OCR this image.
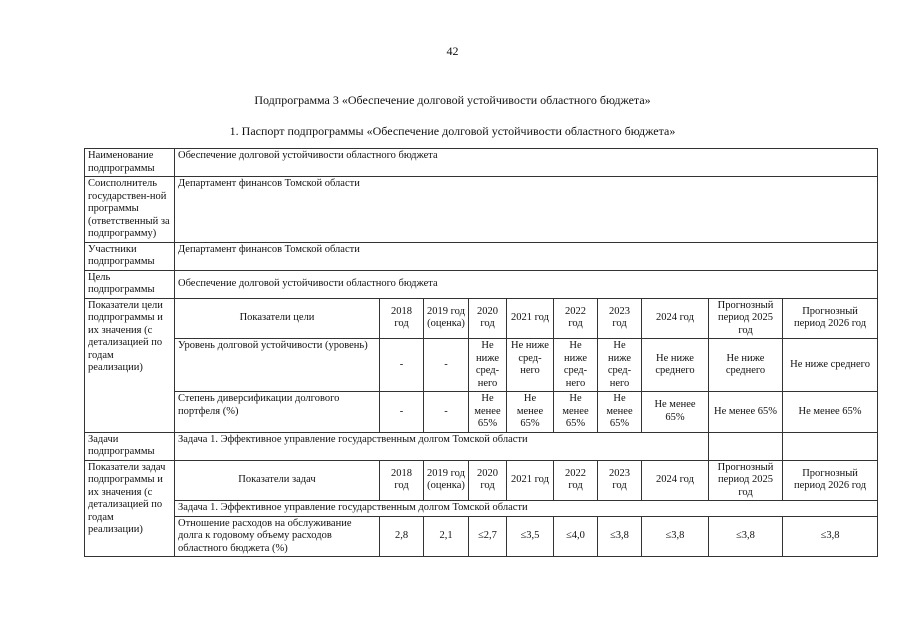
42
Подпрограмма 3 «Обеспечение долговой устойчивости областного бюджета»
1. Паспорт подпрограммы «Обеспечение долговой устойчивости областного бюджета»
Наименование подпрограммы	Обеспечение долговой устойчивости областного бюджета									
Соисполнитель государствен-ной программы (ответственный за подпрограмму)	Департамент финансов Томской области									
Участники подпрограммы	Департамент финансов Томской области									
Цель подпрограммы	Обеспечение долговой устойчивости областного бюджета									
Показатели цели подпрограммы и их значения (с детализацией по годам реализации)	Показатели цели	2018 год	2019 год (оценка)	2020 год	2021 год	2022 год	2023 год	2024 год	Прогнозный период 2025 год	Прогнозный период 2026 год
	Уровень долговой устойчивости (уровень)	-	-	Не ниже сред-него	Не ниже сред-него	Не ниже сред-него	Не ниже сред-него	Не ниже среднего	Не ниже среднего	Не ниже среднего
	Степень диверсификации долгового портфеля (%)	-	-	Не менее 65%	Не менее 65%	Не менее 65%	Не менее 65%	Не менее 65%	Не менее 65%	Не менее 65%
Задачи подпрограммы	Задача 1. Эффективное управление государственным долгом Томской области									
Показатели задач подпрограммы и их значения (с детализацией по годам реализации)	Показатели задач	2018 год	2019 год (оценка)	2020 год	2021 год	2022 год	2023 год	2024 год	Прогнозный период 2025 год	Прогнозный период 2026 год
	Задача 1. Эффективное управление государственным долгом Томской области									
	Отношение расходов на обслуживание долга к годовому объему расходов областного бюджета (%)	2,8	2,1	≤2,7	≤3,5	≤4,0	≤3,8	≤3,8	≤3,8	≤3,8
